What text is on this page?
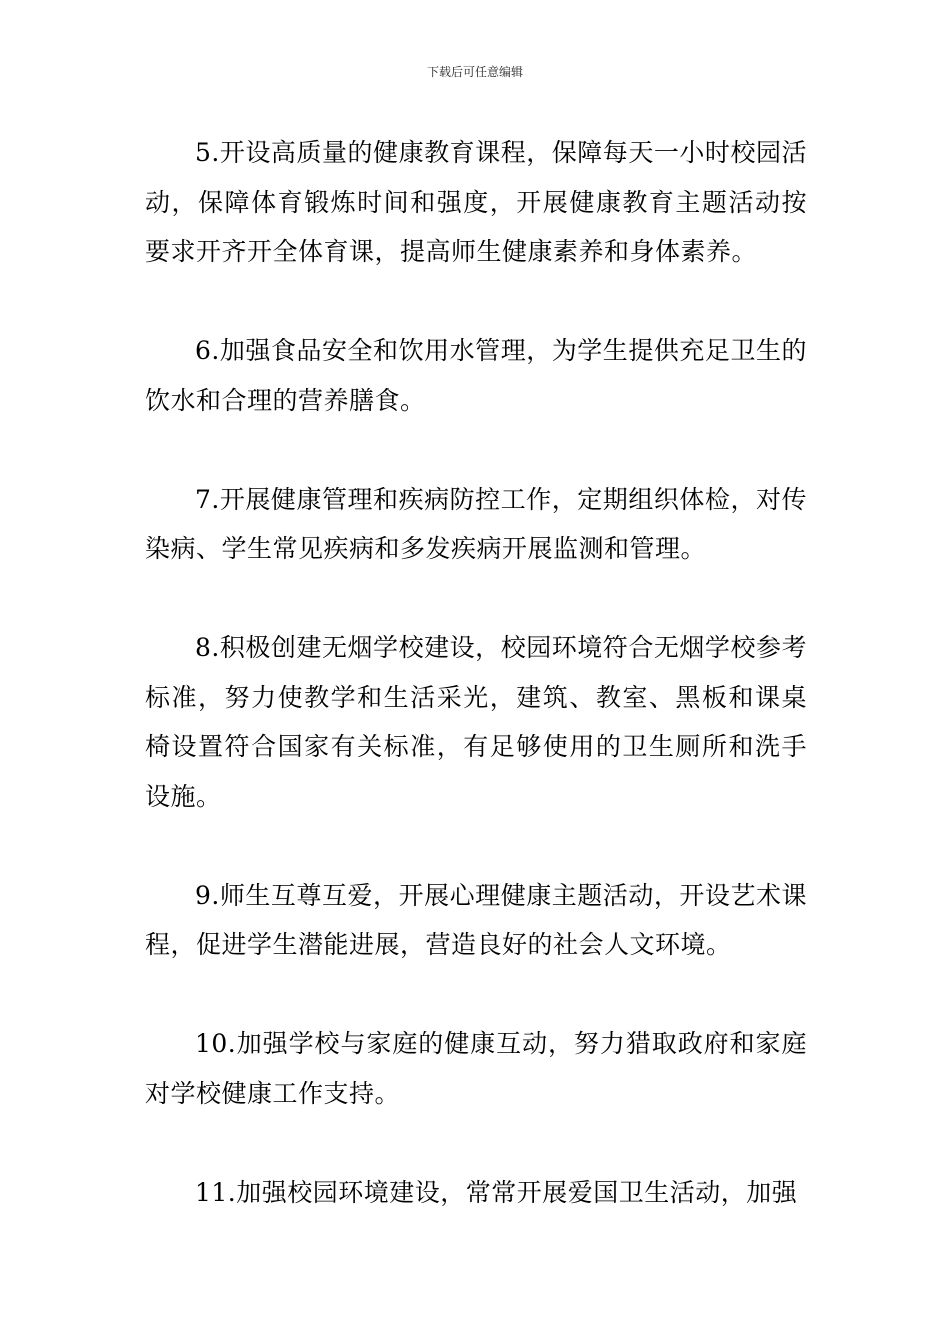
下载后可任意编辑

5.开设高质量的健康教育课程，保障每天一小时校园活动，保障体育锻炼时间和强度，开展健康教育主题活动按要求开齐开全体育课，提高师生健康素养和身体素养。

6.加强食品安全和饮用水管理，为学生提供充足卫生的饮水和合理的营养膳食。

7.开展健康管理和疾病防控工作，定期组织体检，对传染病、学生常见疾病和多发疾病开展监测和管理。

8.积极创建无烟学校建设，校园环境符合无烟学校参考标准，努力使教学和生活采光，建筑、教室、黑板和课桌椅设置符合国家有关标准，有足够使用的卫生厕所和洗手设施。

9.师生互尊互爱，开展心理健康主题活动，开设艺术课程，促进学生潜能进展，营造良好的社会人文环境。

10.加强学校与家庭的健康互动，努力猎取政府和家庭对学校健康工作支持。

11.加强校园环境建设，常常开展爱国卫生活动，加强
